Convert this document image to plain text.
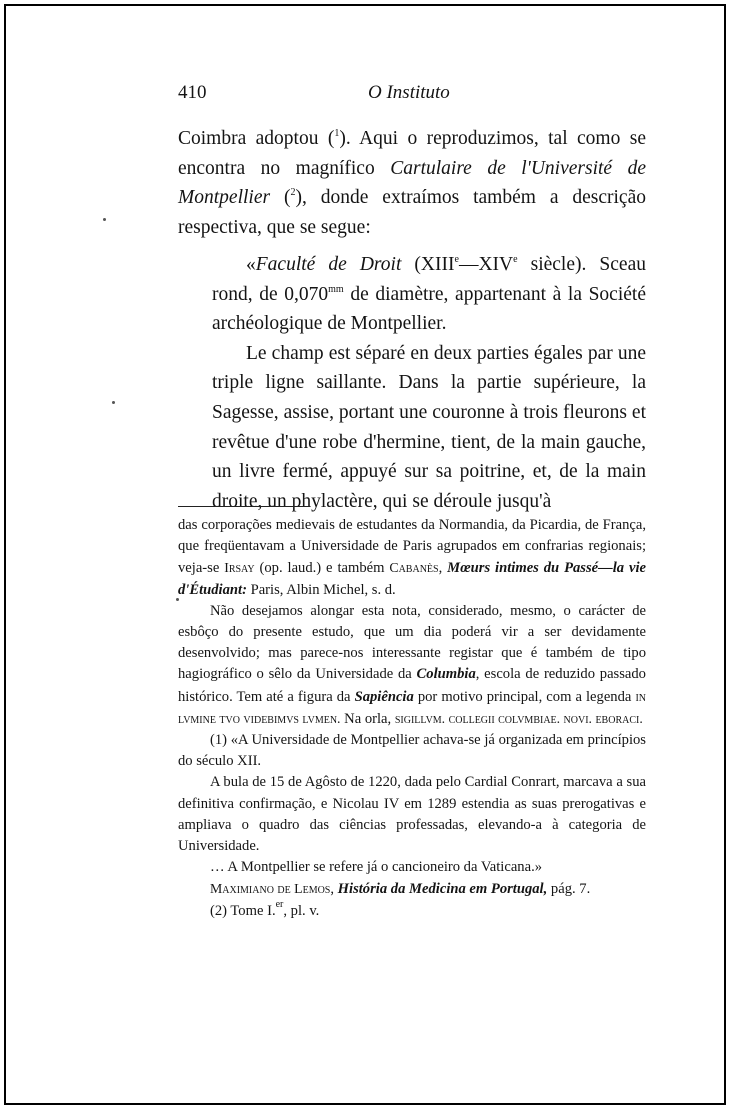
410	O Instituto

Coimbra adoptou ($^1$). Aqui o reproduzimos, tal como se encontra no magnífico Cartulaire de l'Université de Montpellier ($^2$), donde extraímos também a descrição respectiva, que se segue:

«Faculté de Droit (XIIIe—XIVe siècle). Sceau rond, de $0,070^{mm}$ de diamètre, appartenant à la Société archéologique de Montpellier.

Le champ est séparé en deux parties égales par une triple ligne saillante. Dans la partie supérieure, la Sagesse, assise, portant une couronne à trois fleurons et revêtue d'une robe d'hermine, tient, de la main gauche, un livre fermé, appuyé sur sa poitrine, et, de la main droite, un phylactère, qui se déroule jusqu'à

das corporações medievais de estudantes da Normandia, da Picardia, de França, que freqüentavam a Universidade de Paris agrupados em confrarias regionais; veja-se Irsay (op. laud.) e também Cabanès, Mœurs intimes du Passé—la vie d'Étudiant: Paris, Albin Michel, s. d.

Não desejamos alongar esta nota, considerado, mesmo, o carácter de esbôço do presente estudo, que um dia poderá vir a ser devidamente desenvolvido; mas parece-nos interessante registar que é também de tipo hagiográfico o sêlo da Universidade da Columbia, escola de reduzido passado histórico. Tem até a figura da Sapiência por motivo principal, com a legenda in lvmine tvo videbimvs lvmen. Na orla, sigillvm. collegii colvmbiae. novi. eboraci.

(1) «A Universidade de Montpellier achava-se já organizada em princípios do século XII.

A bula de 15 de Agôsto de 1220, dada pelo Cardial Conrart, marcava a sua definitiva confirmação, e Nicolau IV em 1289 estendia as suas prerogativas e ampliava o quadro das ciências professadas, elevando-a à categoria de Universidade.

… A Montpellier se refere já o cancioneiro da Vaticana.»

Maximiano de Lemos, História da Medicina em Portugal, pág. 7.

(2) Tome I.$^{er}$, pl. v.
